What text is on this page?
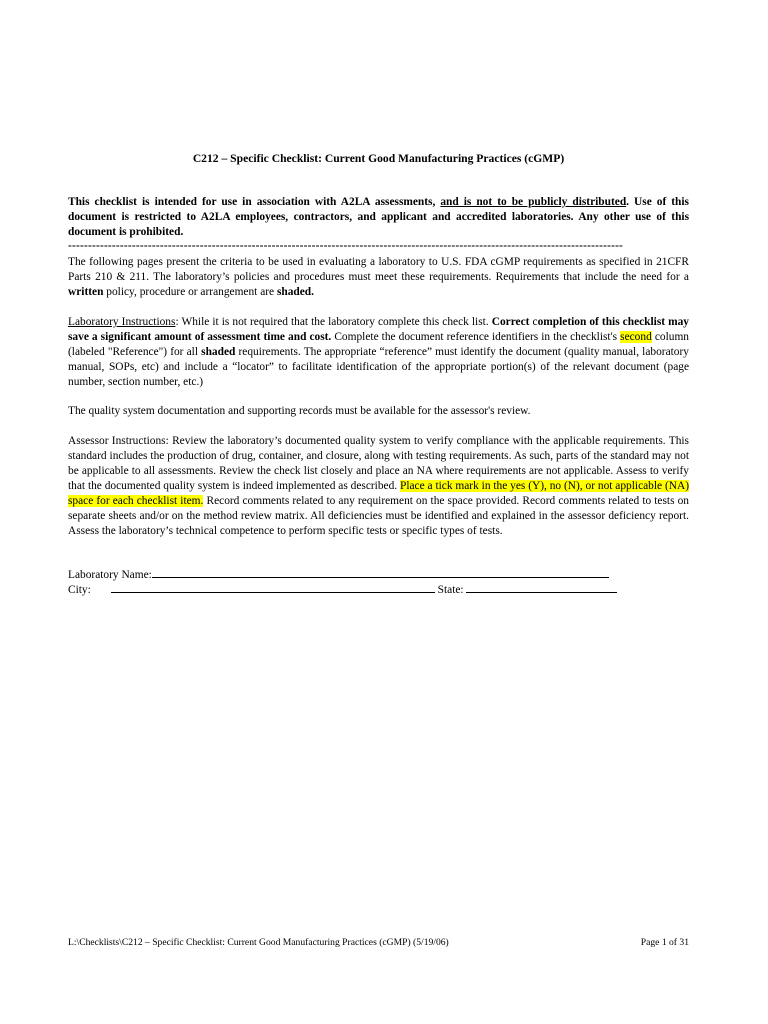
C212 – Specific Checklist: Current Good Manufacturing Practices (cGMP)
This checklist is intended for use in association with A2LA assessments, and is not to be publicly distributed. Use of this document is restricted to A2LA employees, contractors, and applicant and accredited laboratories. Any other use of this document is prohibited.
-------------------------------------------------------------------------------------------------------------------------------------------
The following pages present the criteria to be used in evaluating a laboratory to U.S. FDA cGMP requirements as specified in 21CFR Parts 210 & 211. The laboratory’s policies and procedures must meet these requirements. Requirements that include the need for a written policy, procedure or arrangement are shaded.
Laboratory Instructions: While it is not required that the laboratory complete this check list. Correct completion of this checklist may save a significant amount of assessment time and cost. Complete the document reference identifiers in the checklist's second column (labeled "Reference") for all shaded requirements. The appropriate “reference” must identify the document (quality manual, laboratory manual, SOPs, etc) and include a “locator” to facilitate identification of the appropriate portion(s) of the relevant document (page number, section number, etc.)
The quality system documentation and supporting records must be available for the assessor's review.
Assessor Instructions: Review the laboratory’s documented quality system to verify compliance with the applicable requirements. This standard includes the production of drug, container, and closure, along with testing requirements. As such, parts of the standard may not be applicable to all assessments. Review the check list closely and place an NA where requirements are not applicable. Assess to verify that the documented quality system is indeed implemented as described. Place a tick mark in the yes (Y), no (N), or not applicable (NA) space for each checklist item. Record comments related to any requirement on the space provided. Record comments related to tests on separate sheets and/or on the method review matrix. All deficiencies must be identified and explained in the assessor deficiency report. Assess the laboratory’s technical competence to perform specific tests or specific types of tests.
Laboratory Name:
City:	State:
L:\Checklists\C212 – Specific Checklist: Current Good Manufacturing Practices (cGMP) (5/19/06)	Page 1 of 31
